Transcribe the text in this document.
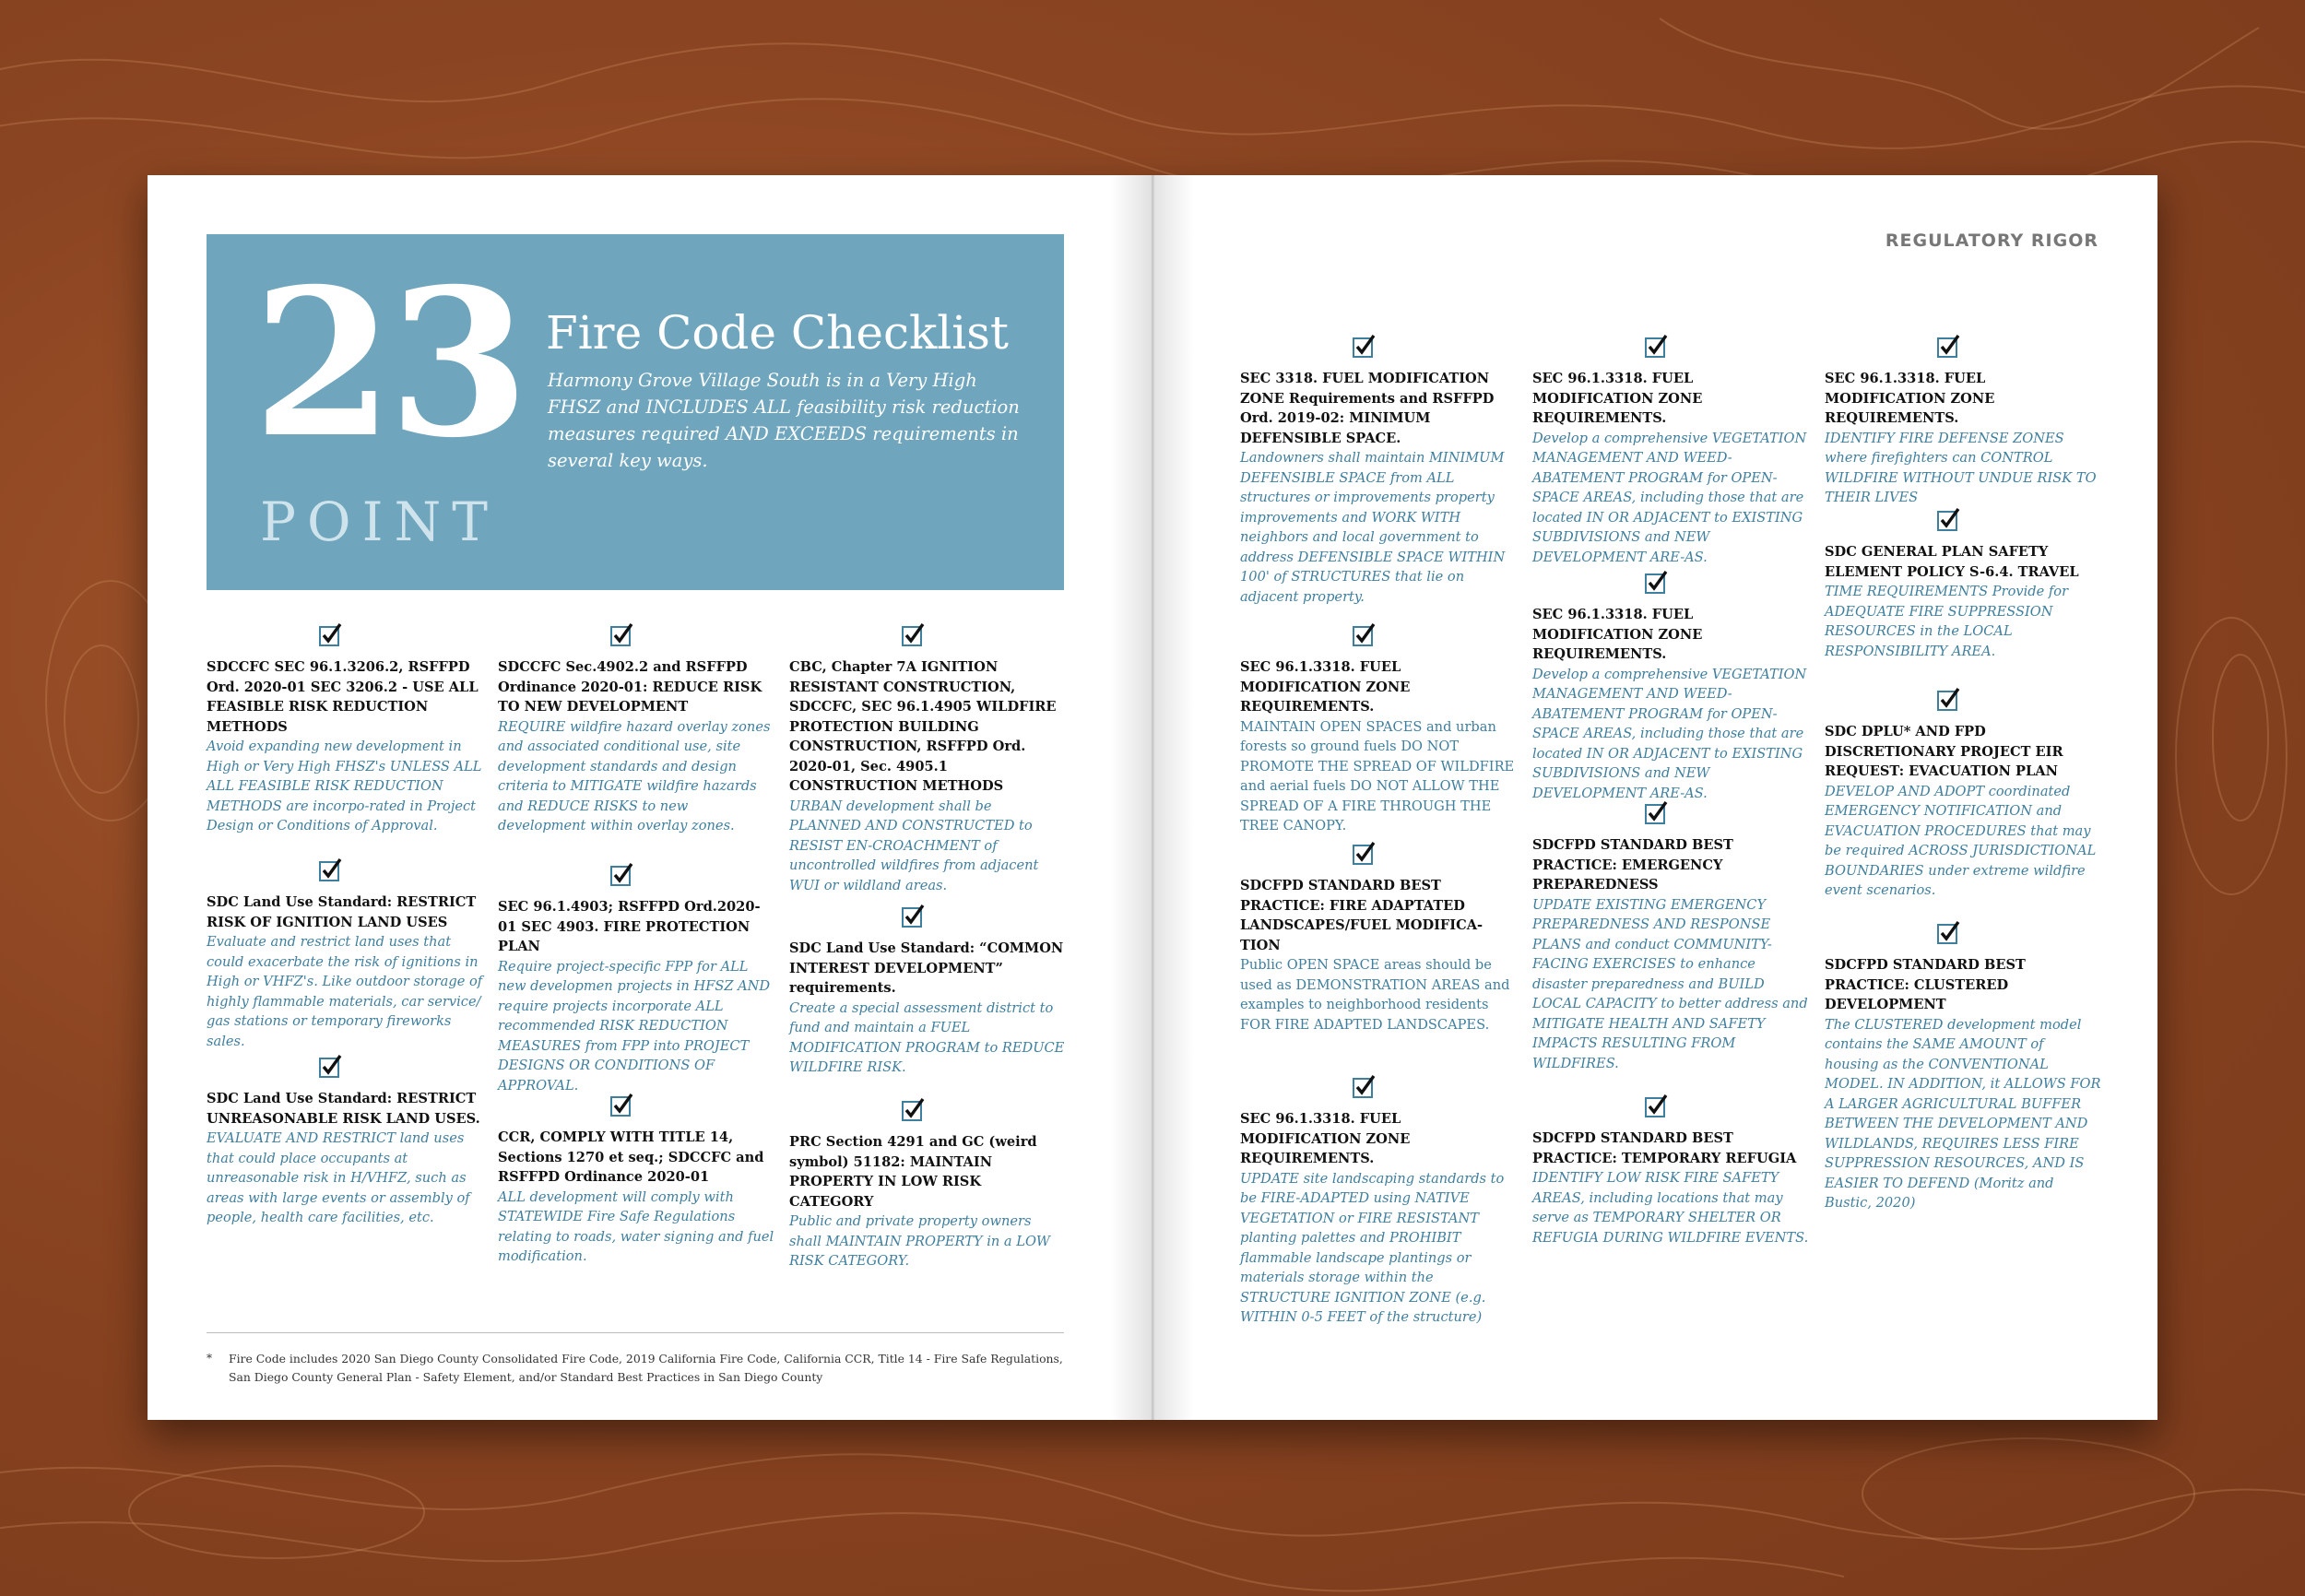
23
POINT
Fire Code Checklist
Harmony Grove Village South is in a Very High FHSZ and INCLUDES ALL feasibility risk reduction measures required AND EXCEEDS requirements in several key ways.
SDCCFC SEC 96.1.3206.2, RSFFPD Ord. 2020-01 SEC 3206.2 - USE ALL FEASIBLE RISK REDUCTION METHODS
Avoid expanding new development in High or Very High FHSZ's UNLESS ALL ALL FEASIBLE RISK REDUCTION METHODS are incorpo-rated in Project Design or Conditions of Approval.
SDC Land Use Standard: RESTRICT RISK OF IGNITION LAND USES
Evaluate and restrict land uses that could exacerbate the risk of ignitions in High or VHFZ's. Like outdoor storage of highly flammable materials, car service/ gas stations or temporary fireworks sales.
SDC Land Use Standard: RESTRICT UNREASONABLE RISK LAND USES.
EVALUATE AND RESTRICT land uses that could place occupants at unreasonable risk in H/VHFZ, such as areas with large events or assembly of people, health care facilities, etc.
SDCCFC Sec.4902.2 and RSFFPD Ordinance 2020-01: REDUCE RISK TO NEW DEVELOPMENT
REQUIRE wildfire hazard overlay zones and associated conditional use, site development standards and design criteria to MITIGATE wildfire hazards and REDUCE RISKS to new development within overlay zones.
SEC 96.1.4903; RSFFPD Ord.2020-01 SEC 4903. FIRE PROTECTION PLAN
Require project-specific FPP for ALL new developmen projects in HFSZ AND require projects incorporate ALL recommended RISK REDUCTION MEASURES from FPP into PROJECT DESIGNS OR CONDITIONS OF APPROVAL.
CCR, COMPLY WITH TITLE 14, Sections 1270 et seq.; SDCCFC and RSFFPD Ordinance 2020-01
ALL development will comply with STATEWIDE Fire Safe Regulations relating to roads, water signing and fuel modification.
CBC, Chapter 7A IGNITION RESISTANT CONSTRUCTION, SDCCFC, SEC 96.1.4905 WILDFIRE PROTECTION BUILDING CONSTRUCTION, RSFFPD Ord. 2020-01, Sec. 4905.1 CONSTRUCTION METHODS
URBAN development shall be PLANNED AND CONSTRUCTED to RESIST EN-CROACHMENT of uncontrolled wildfires from adjacent WUI or wildland areas.
SDC Land Use Standard: “COMMON INTEREST DEVELOPMENT” requirements.
Create a special assessment district to fund and maintain a FUEL MODIFICATION PROGRAM to REDUCE WILDFIRE RISK.
PRC Section 4291 and GC (weird symbol) 51182: MAINTAIN PROPERTY IN LOW RISK CATEGORY
Public and private property owners shall MAINTAIN PROPERTY in a LOW RISK CATEGORY.
* Fire Code includes 2020 San Diego County Consolidated Fire Code, 2019 California Fire Code, California CCR, Title 14 - Fire Safe Regulations,
San Diego County General Plan - Safety Element, and/or Standard Best Practices in San Diego County
REGULATORY RIGOR
SEC 3318. FUEL MODIFICATION ZONE Requirements and RSFFPD Ord. 2019-02: MINIMUM DEFENSIBLE SPACE.
Landowners shall maintain MINIMUM DEFENSIBLE SPACE from ALL structures or improvements property improvements and WORK WITH neighbors and local government to address DEFENSIBLE SPACE WITHIN 100' of STRUCTURES that lie on adjacent property.
SEC 96.1.3318. FUEL MODIFICATION ZONE REQUIREMENTS.
MAINTAIN OPEN SPACES and urban forests so ground fuels DO NOT PROMOTE THE SPREAD OF WILDFIRE and aerial fuels DO NOT ALLOW THE SPREAD OF A FIRE THROUGH THE TREE CANOPY.
SDCFPD STANDARD BEST PRACTICE: FIRE ADAPTATED LANDSCAPES/FUEL MODIFICA-TION
Public OPEN SPACE areas should be used as DEMONSTRATION AREAS and examples to neighborhood residents FOR FIRE ADAPTED LANDSCAPES.
SEC 96.1.3318. FUEL MODIFICATION ZONE REQUIREMENTS.
UPDATE site landscaping standards to be FIRE-ADAPTED using NATIVE VEGETATION or FIRE RESISTANT planting palettes and PROHIBIT flammable landscape plantings or materials storage within the STRUCTURE IGNITION ZONE (e.g. WITHIN 0-5 FEET of the structure)
SEC 96.1.3318. FUEL MODIFICATION ZONE REQUIREMENTS.
Develop a comprehensive VEGETATION MANAGEMENT AND WEED-ABATEMENT PROGRAM for OPEN-SPACE AREAS, including those that are located IN OR ADJACENT to EXISTING SUBDIVISIONS and NEW DEVELOPMENT ARE-AS.
SEC 96.1.3318. FUEL MODIFICATION ZONE REQUIREMENTS.
Develop a comprehensive VEGETATION MANAGEMENT AND WEED-ABATEMENT PROGRAM for OPEN-SPACE AREAS, including those that are located IN OR ADJACENT to EXISTING SUBDIVISIONS and NEW DEVELOPMENT ARE-AS.
SDCFPD STANDARD BEST PRACTICE: EMERGENCY PREPAREDNESS
UPDATE EXISTING EMERGENCY PREPAREDNESS AND RESPONSE PLANS and conduct COMMUNITY-FACING EXERCISES to enhance disaster preparedness and BUILD LOCAL CAPACITY to better address and MITIGATE HEALTH AND SAFETY IMPACTS RESULTING FROM WILDFIRES.
SDCFPD STANDARD BEST PRACTICE: TEMPORARY REFUGIA
IDENTIFY LOW RISK FIRE SAFETY AREAS, including locations that may serve as TEMPORARY SHELTER OR REFUGIA DURING WILDFIRE EVENTS.
SEC 96.1.3318. FUEL MODIFICATION ZONE REQUIREMENTS.
IDENTIFY FIRE DEFENSE ZONES where firefighters can CONTROL WILDFIRE WITHOUT UNDUE RISK TO THEIR LIVES
SDC GENERAL PLAN SAFETY ELEMENT POLICY S-6.4. TRAVEL
TIME REQUIREMENTS Provide for ADEQUATE FIRE SUPPRESSION RESOURCES in the LOCAL RESPONSIBILITY AREA.
SDC DPLU* AND FPD DISCRETIONARY PROJECT EIR REQUEST: EVACUATION PLAN
DEVELOP AND ADOPT coordinated EMERGENCY NOTIFICATION and EVACUATION PROCEDURES that may be required ACROSS JURISDICTIONAL BOUNDARIES under extreme wildfire event scenarios.
SDCFPD STANDARD BEST PRACTICE: CLUSTERED DEVELOPMENT
The CLUSTERED development model contains the SAME AMOUNT of housing as the CONVENTIONAL MODEL. IN ADDITION, it ALLOWS FOR A LARGER AGRICULTURAL BUFFER BETWEEN THE DEVELOPMENT AND WILDLANDS, REQUIRES LESS FIRE SUPPRESSION RESOURCES, AND IS EASIER TO DEFEND (Moritz and Bustic, 2020)
